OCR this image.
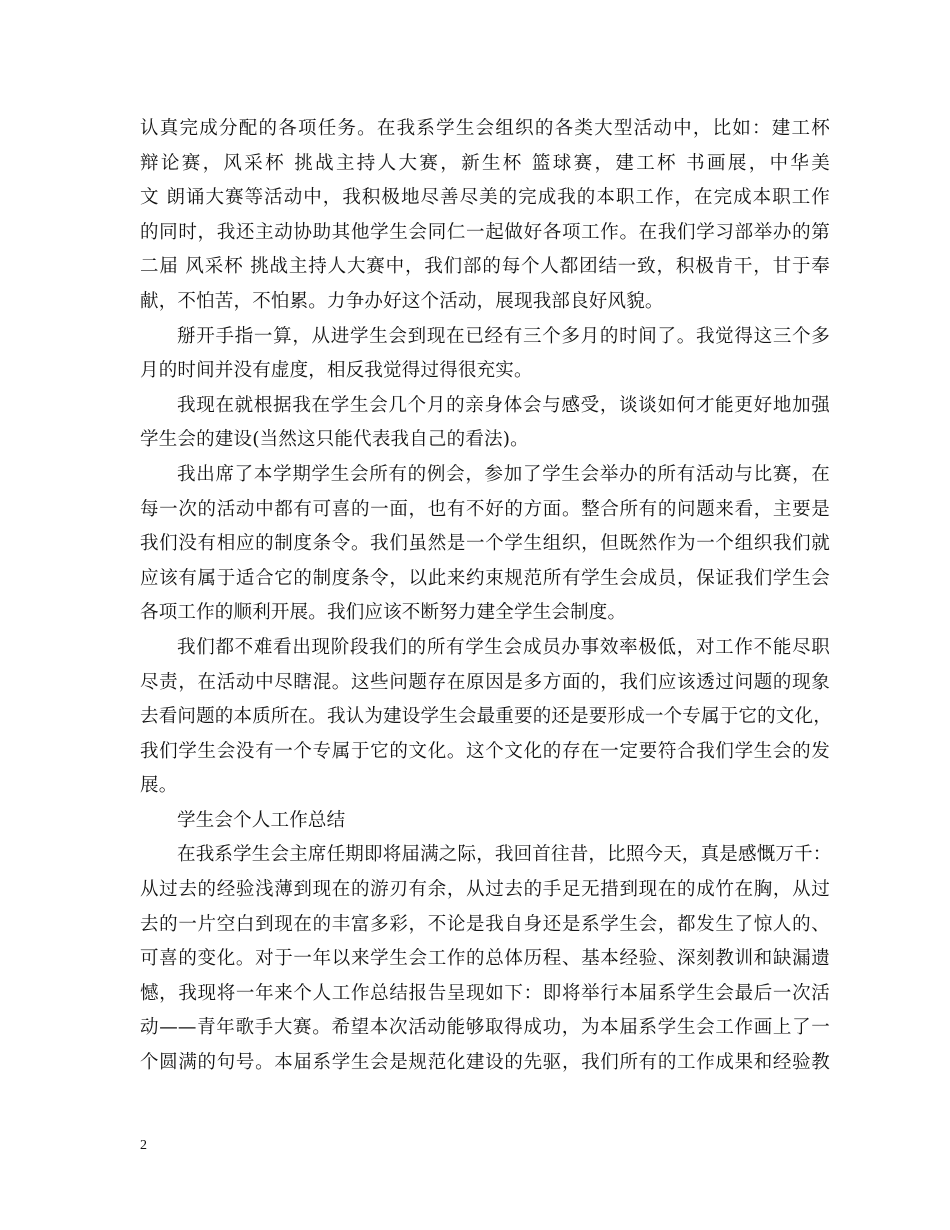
认真完成分配的各项任务。在我系学生会组织的各类大型活动中，比如：建工杯
辩论赛，风采杯 挑战主持人大赛，新生杯 篮球赛，建工杯 书画展，中华美
文 朗诵大赛等活动中，我积极地尽善尽美的完成我的本职工作，在完成本职工作
的同时，我还主动协助其他学生会同仁一起做好各项工作。在我们学习部举办的第
二届 风采杯 挑战主持人大赛中，我们部的每个人都团结一致，积极肯干，甘于奉
献，不怕苦，不怕累。力争办好这个活动，展现我部良好风貌。
掰开手指一算，从进学生会到现在已经有三个多月的时间了。我觉得这三个多
月的时间并没有虚度，相反我觉得过得很充实。
我现在就根据我在学生会几个月的亲身体会与感受，谈谈如何才能更好地加强
学生会的建设(当然这只能代表我自己的看法)。
我出席了本学期学生会所有的例会，参加了学生会举办的所有活动与比赛，在
每一次的活动中都有可喜的一面，也有不好的方面。整合所有的问题来看，主要是
我们没有相应的制度条令。我们虽然是一个学生组织，但既然作为一个组织我们就
应该有属于适合它的制度条令，以此来约束规范所有学生会成员，保证我们学生会
各项工作的顺利开展。我们应该不断努力建全学生会制度。
我们都不难看出现阶段我们的所有学生会成员办事效率极低，对工作不能尽职
尽责，在活动中尽瞎混。这些问题存在原因是多方面的，我们应该透过问题的现象
去看问题的本质所在。我认为建设学生会最重要的还是要形成一个专属于它的文化，
我们学生会没有一个专属于它的文化。这个文化的存在一定要符合我们学生会的发
展。
学生会个人工作总结
在我系学生会主席任期即将届满之际，我回首往昔，比照今天，真是感慨万千：
从过去的经验浅薄到现在的游刃有余，从过去的手足无措到现在的成竹在胸，从过
去的一片空白到现在的丰富多彩，不论是我自身还是系学生会，都发生了惊人的、
可喜的变化。对于一年以来学生会工作的总体历程、基本经验、深刻教训和缺漏遗
憾，我现将一年来个人工作总结报告呈现如下：即将举行本届系学生会最后一次活
动——青年歌手大赛。希望本次活动能够取得成功，为本届系学生会工作画上了一
个圆满的句号。本届系学生会是规范化建设的先驱，我们所有的工作成果和经验教
2
